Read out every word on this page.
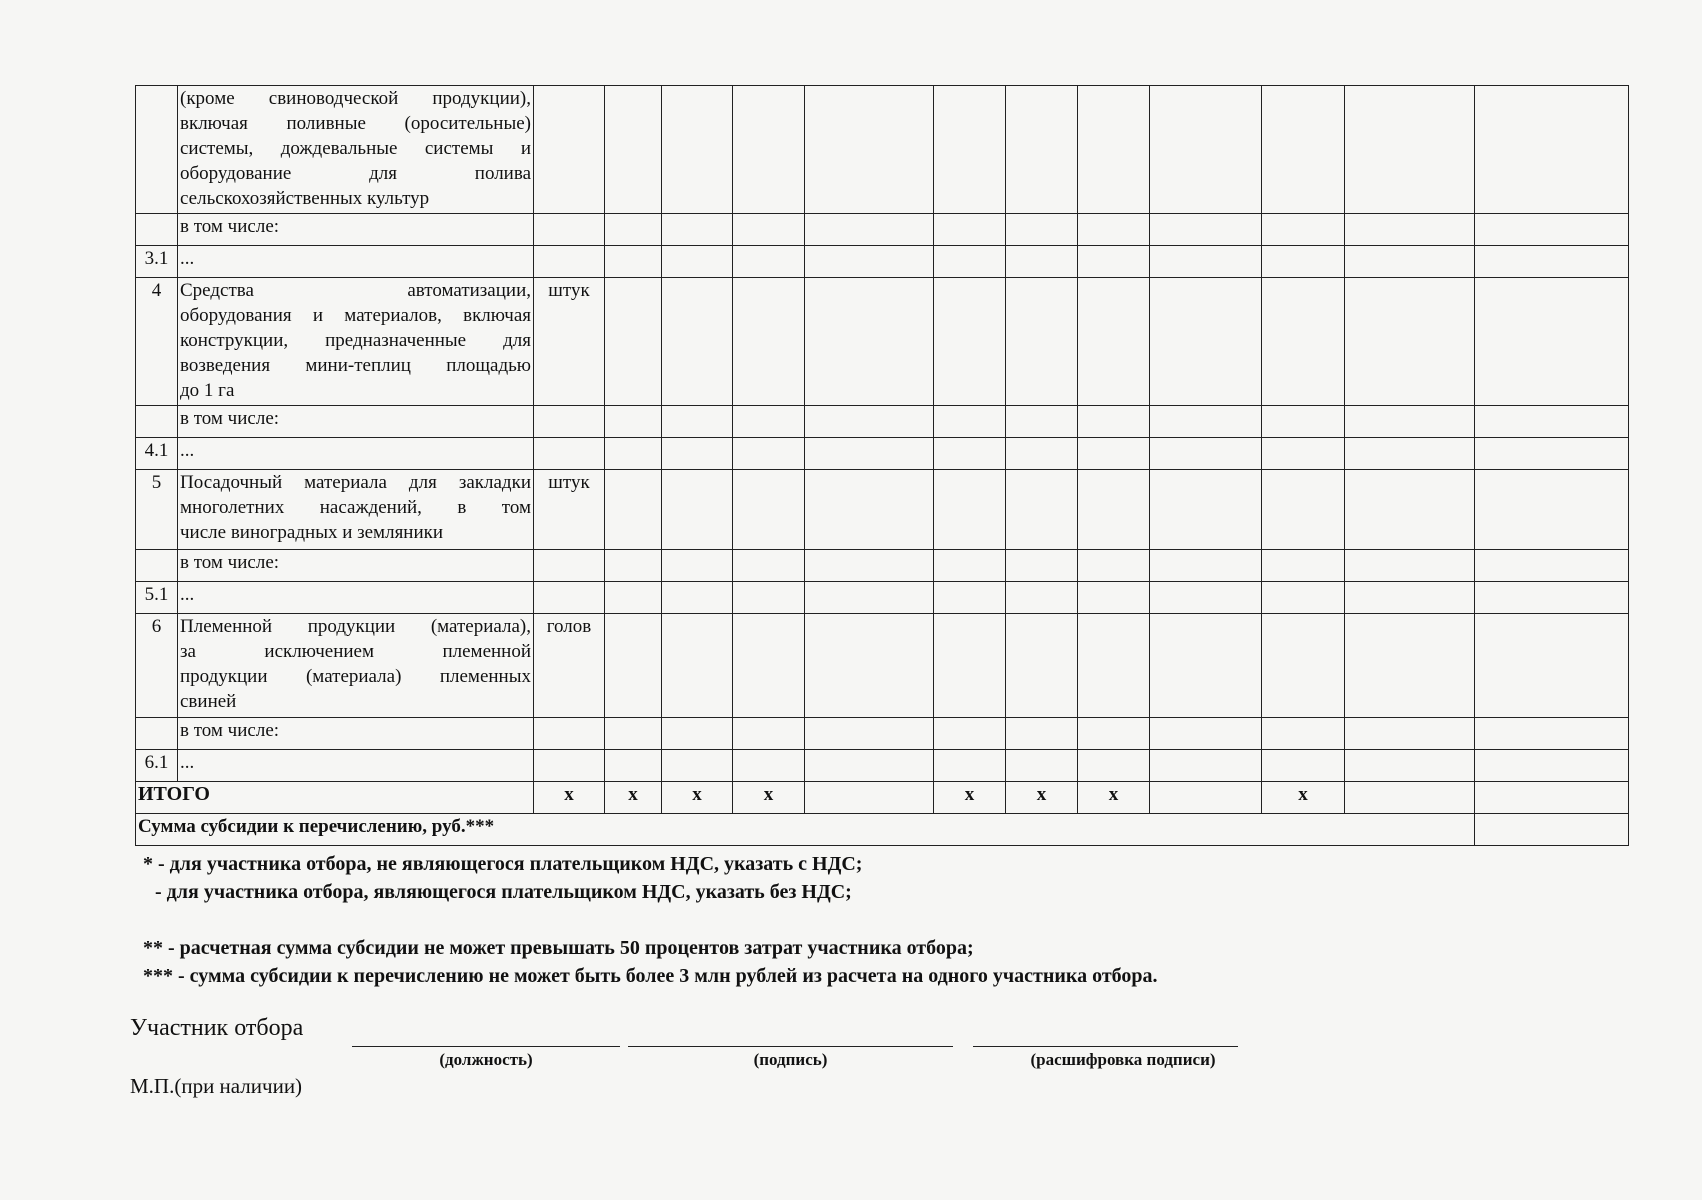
	(кроме свиноводческой продукции),
включая поливные (оросительные)
системы, дождевальные системы и
оборудование для полива
сельскохозяйственных культур												

	в том числе:												
3.1	...												
4	Средства автоматизации,
оборудования и материалов, включая
конструкции, предназначенные для
возведения мини-теплиц площадью
до 1 га	штук											
	в том числе:												
4.1	...												
5	Посадочный материала для закладки
многолетних насаждений, в том
числе виноградных и земляники	штук											
	в том числе:												
5.1	...												
6	Племенной продукции (материала),
за исключением племенной
продукции (материала) племенных
свиней	голов											
	в том числе:												
6.1	...												
ИТОГО		х	х	х	х		х	х	х		х		
Сумма субсидии к перечислению, руб.***													
* - для участника отбора, не являющегося плательщиком НДС, указать с НДС;
- для участника отбора, являющегося плательщиком НДС, указать без НДС;
** - расчетная сумма субсидии не может превышать 50 процентов затрат участника отбора;
*** - сумма субсидии к перечислению не может быть более 3 млн рублей из расчета на одного участника отбора.
Участник отбора
(должность)	(подпись)	(расшифровка подписи)
М.П.(при наличии)
